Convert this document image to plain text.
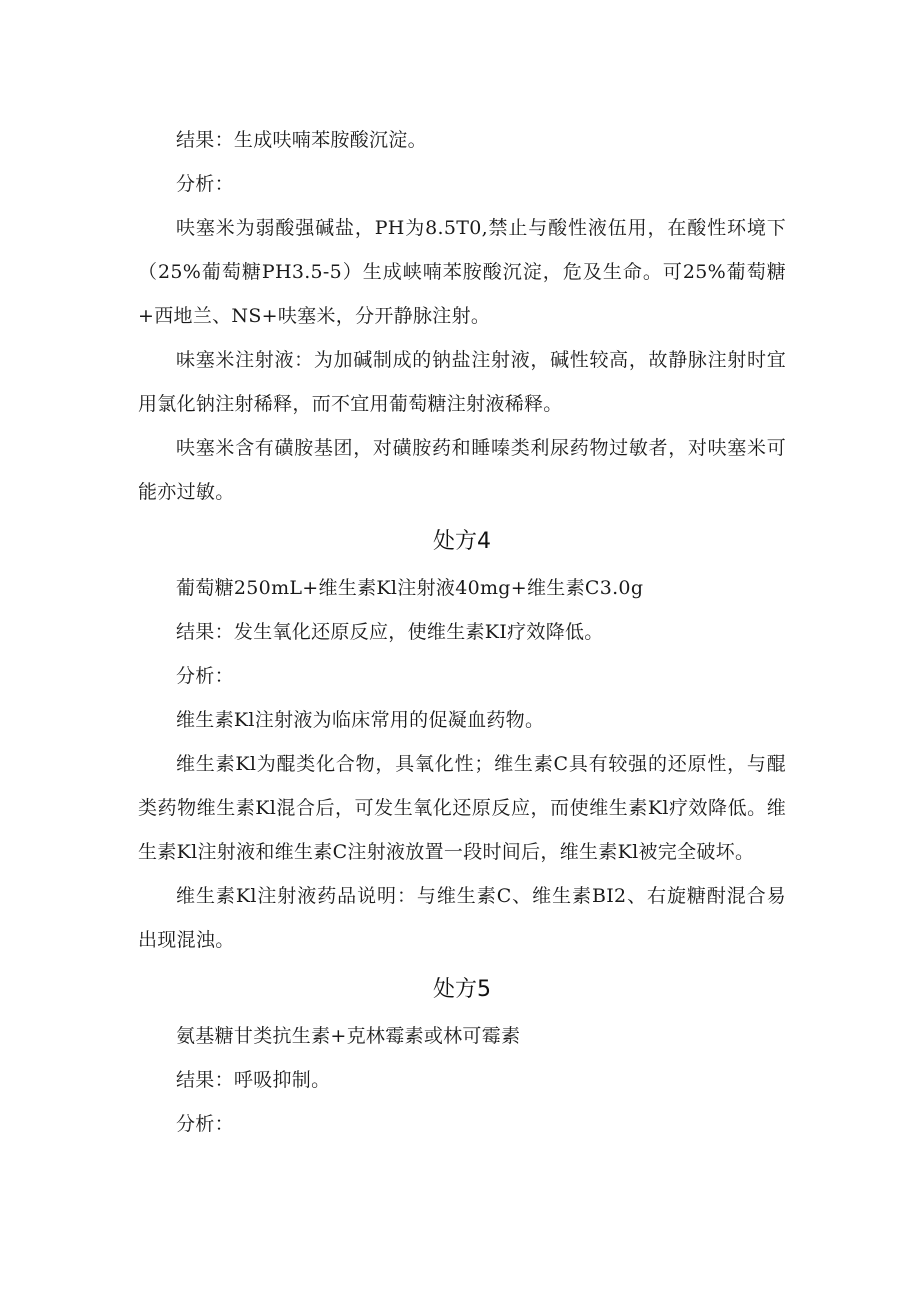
结果：生成呋喃苯胺酸沉淀。

分析：

呋塞米为弱酸强碱盐，PH为8.5T0,禁止与酸性液伍用，在酸性环境下（25%葡萄糖PH3.5-5）生成峡喃苯胺酸沉淀，危及生命。可25%葡萄糖+西地兰、NS+呋塞米，分开静脉注射。

味塞米注射液：为加碱制成的钠盐注射液，碱性较高，故静脉注射时宜用氯化钠注射稀释，而不宜用葡萄糖注射液稀释。

呋塞米含有磺胺基团，对磺胺药和睡嗪类利尿药物过敏者，对呋塞米可能亦过敏。

处方4

葡萄糖250mL+维生素Kl注射液40mg+维生素C3.0g

结果：发生氧化还原反应，使维生素KI疗效降低。

分析：

维生素Kl注射液为临床常用的促凝血药物。

维生素Kl为醌类化合物，具氧化性；维生素C具有较强的还原性，与醌类药物维生素Kl混合后，可发生氧化还原反应，而使维生素Kl疗效降低。维生素Kl注射液和维生素C注射液放置一段时间后，维生素Kl被完全破坏。

维生素Kl注射液药品说明：与维生素C、维生素BI2、右旋糖酎混合易出现混浊。

处方5

氨基糖甘类抗生素+克林霉素或林可霉素

结果：呼吸抑制。

分析：
